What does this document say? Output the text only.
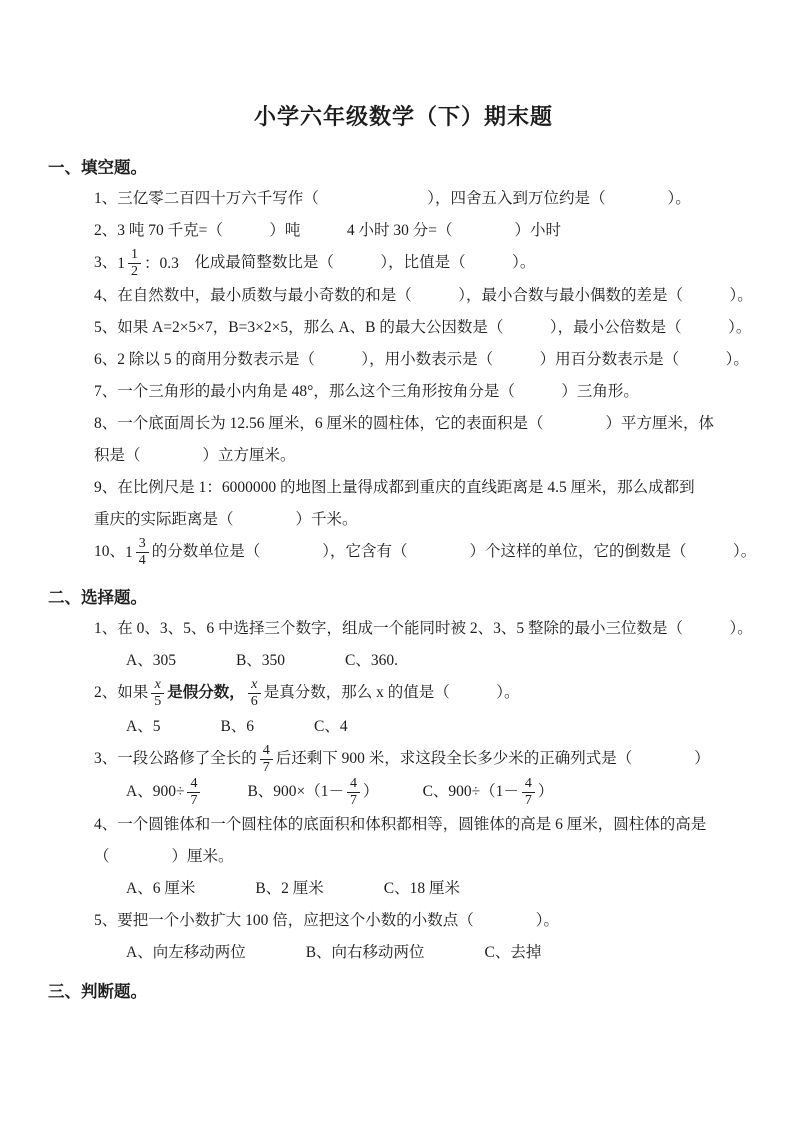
小学六年级数学（下）期末题
一、填空题。

1、三亿零二百四十万六千写作（　　　　　　　），四舍五入到万位约是（　　　　）。

2、3 吨 70 千克=（　　　）吨　　　4 小时 30 分=（　　　　）小时

3、 $1 \frac{1}{2}$ ：0.3　 化成最简整数比是（　　　），比值是（　　　）。

4、在自然数中，最小质数与最小奇数的和是（　　　），最小合数与最小偶数的差是（　　　）。

5、如果 A=2×5×7，B=3×2×5，那么 A、B 的最大公因数是（　　　），最小公倍数是（　　　）。

6、2 除以 5 的商用分数表示是（　　　），用小数表示是（　　　）用百分数表示是（　　　）。

7、一个三角形的最小内角是 48°，那么这个三角形按角分是（　　　）三角形。

8、一个底面周长为 12.56 厘米，6 厘米的圆柱体，它的表面积是（　　　　）平方厘米，体
积是（　　　　）立方厘米。

9、在比例尺是 1：6000000 的地图上量得成都到重庆的直线距离是 4.5 厘米，那么成都到
重庆的实际距离是（　　　　）千米。

10、 $1 \frac{3}{4}$ 的分数单位是（　　　　），它含有（　　　　）个这样的单位，它的倒数是（　　　）。

二、选择题。

1、在 0、3、5、6 中选择三个数字，组成一个能同时被 2、3、5 整除的最小三位数是（　　　）。

A、305	B、350	C、360.

2、如果 $\frac{x}{5}$ 是假分数， $\frac{x}{6}$ 是真分数，那么 x 的值是（　　　）。

A、5	B、6	C、4

3、一段公路修了全长的 $\frac{4}{7}$ 后还剩下 900 米，求这段全长多少米的正确列式是（　　　　）

A、$900\div \frac{4}{7}$	B、$900\times(1- \frac{4}{7}$ ）	C、$900\div(1- \frac{4}{7}$ ）

4、一个圆锥体和一个圆柱体的底面积和体积都相等，圆锥体的高是 6 厘米，圆柱体的高是
（　　　　）厘米。

A、6 厘米	B、2 厘米	C、18 厘米

5、要把一个小数扩大 100 倍，应把这个小数的小数点（　　　　）。

A、向左移动两位	B、向右移动两位	C、去掉
三、判断题。
